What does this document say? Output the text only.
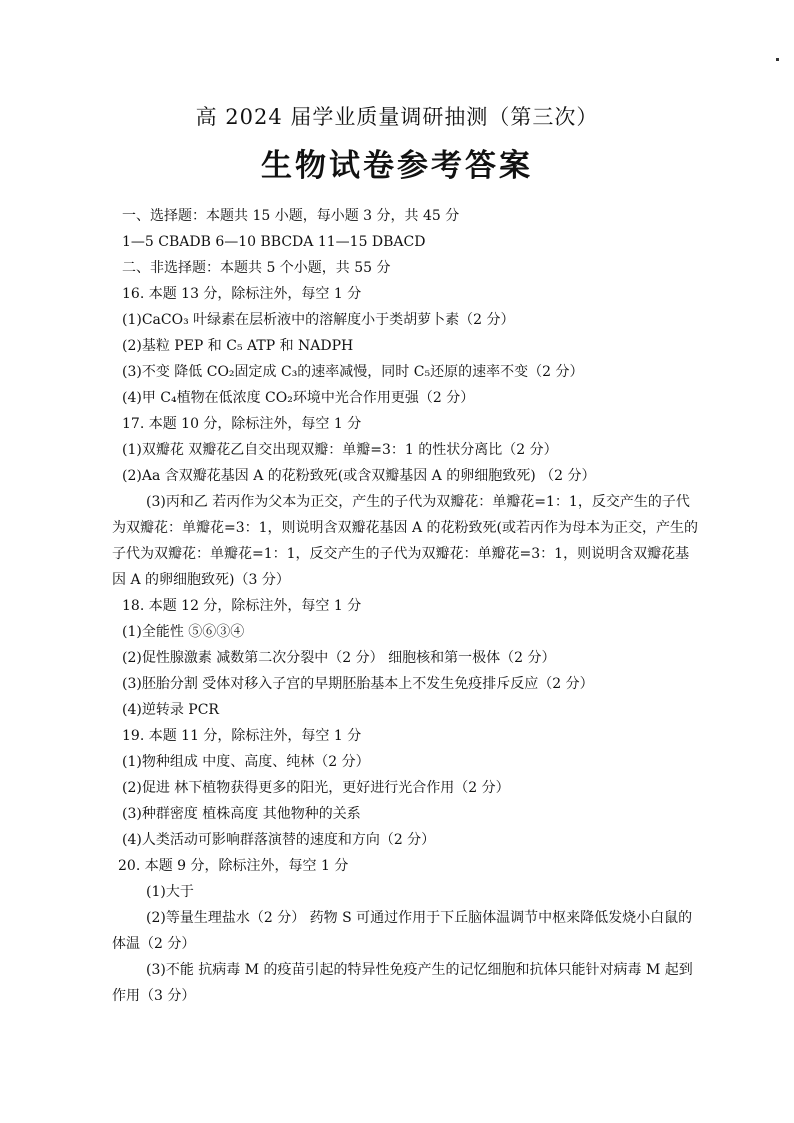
高 2024 届学业质量调研抽测（第三次）
生物试卷参考答案
一、选择题：本题共 15 小题，每小题 3 分，共 45 分
1—5 CBADB 6—10 BBCDA 11—15 DBACD
二、非选择题：本题共 5 个小题，共 55 分
16. 本题 13 分，除标注外，每空 1 分
(1)CaCO₃ 叶绿素在层析液中的溶解度小于类胡萝卜素（2 分）
(2)基粒 PEP 和 C₅ ATP 和 NADPH
(3)不变 降低 CO₂固定成 C₃的速率减慢，同时 C₅还原的速率不变（2 分）
(4)甲 C₄植物在低浓度 CO₂环境中光合作用更强（2 分）
17. 本题 10 分，除标注外，每空 1 分
(1)双瓣花 双瓣花乙自交出现双瓣：单瓣=3：1 的性状分离比（2 分）
(2)Aa 含双瓣花基因 A 的花粉致死(或含双瓣基因 A 的卵细胞致死) （2 分）
(3)丙和乙 若丙作为父本为正交，产生的子代为双瓣花：单瓣花=1：1，反交产生的子代为双瓣花：单瓣花=3：1，则说明含双瓣花基因 A 的花粉致死(或若丙作为母本为正交，产生的子代为双瓣花：单瓣花=1：1，反交产生的子代为双瓣花：单瓣花=3：1，则说明含双瓣花基因 A 的卵细胞致死)（3 分）
18. 本题 12 分，除标注外，每空 1 分
(1)全能性 ⑤⑥③④
(2)促性腺激素 减数第二次分裂中（2 分） 细胞核和第一极体（2 分）
(3)胚胎分割 受体对移入子宫的早期胚胎基本上不发生免疫排斥反应（2 分）
(4)逆转录 PCR
19. 本题 11 分，除标注外，每空 1 分
(1)物种组成 中度、高度、纯林（2 分）
(2)促进 林下植物获得更多的阳光，更好进行光合作用（2 分）
(3)种群密度 植株高度 其他物种的关系
(4)人类活动可影响群落演替的速度和方向（2 分）
20. 本题 9 分，除标注外，每空 1 分
(1)大于
(2)等量生理盐水（2 分） 药物 S 可通过作用于下丘脑体温调节中枢来降低发烧小白鼠的体温（2 分）
(3)不能 抗病毒 M 的疫苗引起的特异性免疫产生的记忆细胞和抗体只能针对病毒 M 起到作用（3 分）
